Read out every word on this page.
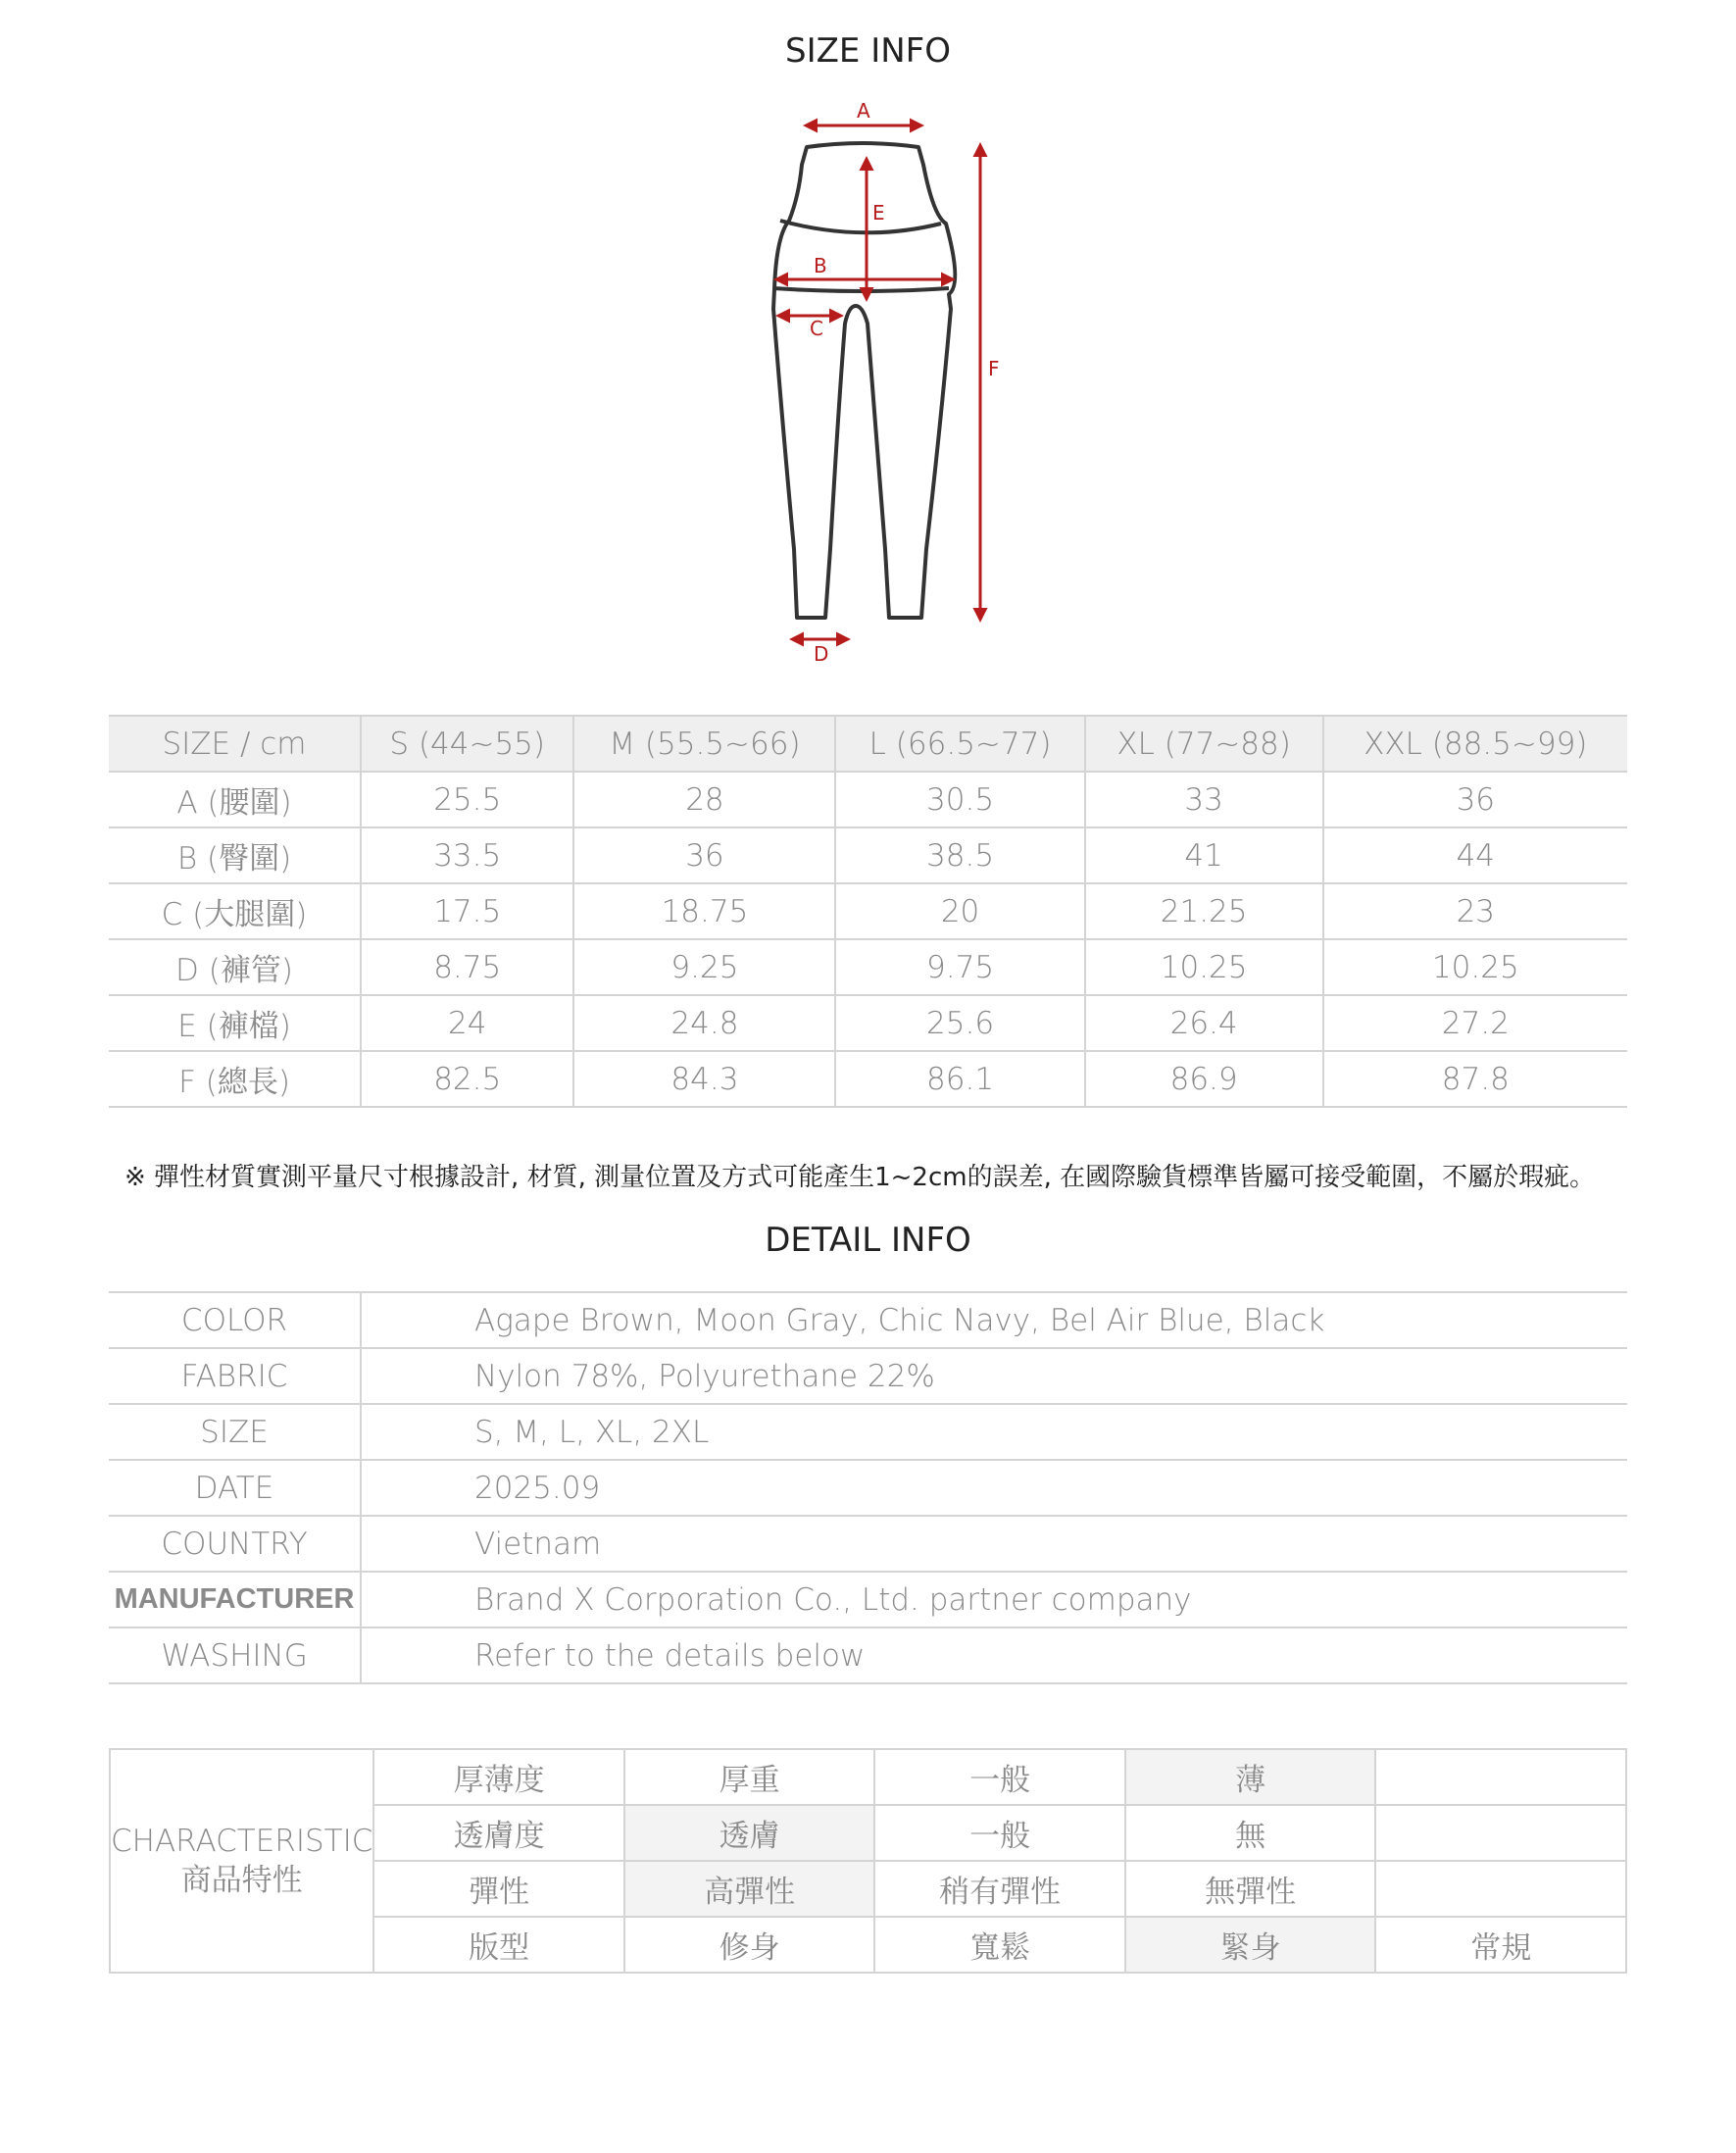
SIZE INFO
A
E
B
C
D
F
SIZE / cm	S (44~55)	M (55.5~66)	L (66.5~77)	XL (77~88)	XXL (88.5~99)
A (腰圍)	25.5	28	30.5	33	36
B (臀圍)	33.5	36	38.5	41	44
C (大腿圍)	17.5	18.75	20	21.25	23
D (褲管)	8.75	9.25	9.75	10.25	10.25
E (褲檔)	24	24.8	25.6	26.4	27.2
F (總長)	82.5	84.3	86.1	86.9	87.8
※ 彈性材質實測平量尺寸根據設計, 材質, 測量位置及方式可能產生1~2cm的誤差, 在國際驗貨標準皆屬可接受範圍，不屬於瑕疵。
DETAIL INFO
COLOR	Agape Brown, Moon Gray, Chic Navy, Bel Air Blue, Black
FABRIC	Nylon 78%, Polyurethane 22%
SIZE	S, M, L, XL, 2XL
DATE	2025.09
COUNTRY	Vietnam
MANUFACTURER	Brand X Corporation Co., Ltd. partner company
WASHING	Refer to the details below
CHARACTERISTIC
商品特性	厚薄度	厚重	一般	薄	
	透膚度	透膚	一般	無	
	彈性	高彈性	稍有彈性	無彈性	
	版型	修身	寬鬆	緊身	常規
